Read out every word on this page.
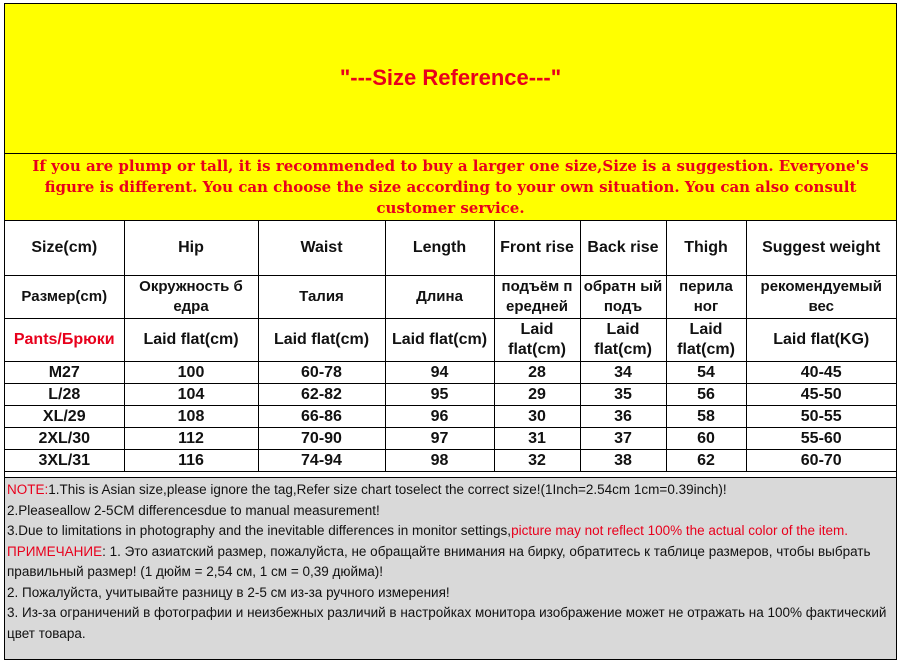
"---Size Reference---"
If you are plump or tall, it is recommended to buy a larger one size,Size is a suggestion. Everyone's figure is different. You can choose the size according to your own situation. You can also consult customer service.
Size(cm)	Hip	Waist	Length	Front rise	Back rise	Thigh	Suggest weight
Размер(cm)	Окружность б едра	Талия	Длина	подъём п ередней	обратн ый подъ	перила ног	рекомендуемый вес
Pants/Брюки	Laid flat(cm)	Laid flat(cm)	Laid flat(cm)	Laid flat(cm)	Laid flat(cm)	Laid flat(cm)	Laid flat(KG)
M27	100	60-78	94	28	34	54	40-45
L/28	104	62-82	95	29	35	56	45-50
XL/29	108	66-86	96	30	36	58	50-55
2XL/30	112	70-90	97	31	37	60	55-60
3XL/31	116	74-94	98	32	38	62	60-70

NOTE:1.This is Asian size,please ignore the tag,Refer size chart toselect the correct size!(1Inch=2.54cm 1cm=0.39inch)!

2.Pleaseallow 2-5CM differencesdue to manual measurement!

3.Due to limitations in photography and the inevitable differences in monitor settings,picture may not reflect 100% the actual color of the item.

ПРИМЕЧАНИЕ: 1. Это азиатский размер, пожалуйста, не обращайте внимания на бирку, обратитесь к таблице размеров, чтобы выбрать правильный размер! (1 дюйм = 2,54 см, 1 см = 0,39 дюйма)!

2. Пожалуйста, учитывайте разницу в 2-5 см из-за ручного измерения!

3. Из-за ограничений в фотографии и неизбежных различий в настройках монитора изображение может не отражать на 100% фактический цвет товара.
